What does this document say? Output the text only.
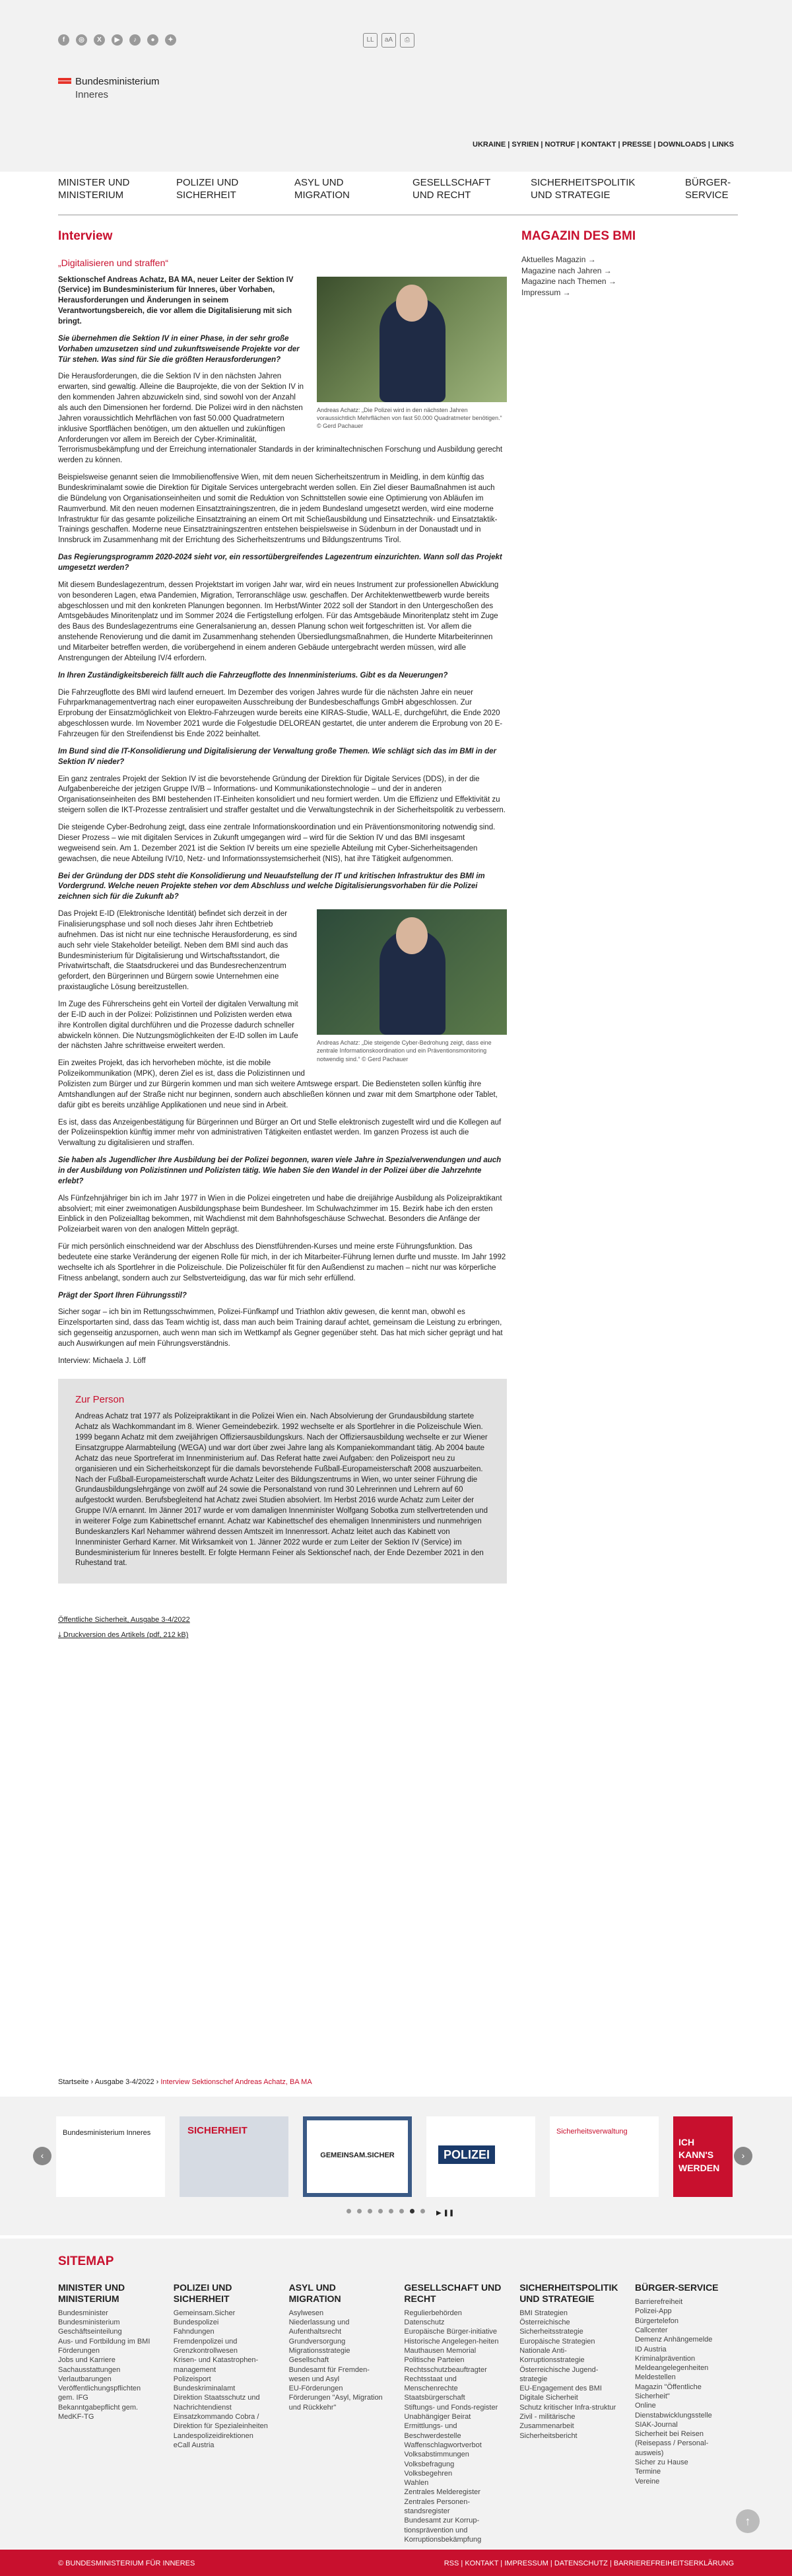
f	◎	X	▶	♪	●	✦	LL	aA	⎙
Bundesministerium
Inneres
UKRAINE | SYRIEN | NOTRUF | KONTAKT | PRESSE | DOWNLOADS | LINKS
MINISTER UND MINISTERIUM
POLIZEI UND SICHERHEIT
ASYL UND MIGRATION
GESELLSCHAFT UND RECHT
SICHERHEITSPOLITIK UND STRATEGIE
BÜRGER-SERVICE
Interview
„Digitalisieren und straffen“
Andreas Achatz: „Die Polizei wird in den nächsten Jahren voraussichtlich Mehrflächen von fast 50.000 Quadratmeter benötigen.“ © Gerd Pachauer
Sektionschef Andreas Achatz, BA MA, neuer Leiter der Sektion IV (Service) im Bundesministerium für Inneres, über Vorhaben, Herausforderungen und Änderungen in seinem Verantwortungsbereich, die vor allem die Digitalisierung mit sich bringt.
Sie übernehmen die Sektion IV in einer Phase, in der sehr große Vorhaben umzusetzen sind und zukunftsweisende Projekte vor der Tür stehen. Was sind für Sie die größten Herausforderungen?
Die Herausforderungen, die die Sektion IV in den nächsten Jahren erwarten, sind gewaltig. Alleine die Bauprojekte, die von der Sektion IV in den kommenden Jahren abzuwickeln sind, sind sowohl von der Anzahl als auch den Dimensionen her fordernd. Die Polizei wird in den nächsten Jahren voraussichtlich Mehrflächen von fast 50.000 Quadratmetern inklusive Sportflächen benötigen, um den aktuellen und zukünftigen Anforderungen vor allem im Bereich der Cyber-Kriminalität, Terrorismusbekämpfung und der Erreichung internationaler Standards in der kriminaltechnischen Forschung und Ausbildung gerecht werden zu können.
Beispielsweise genannt seien die Immobilienoffensive Wien, mit dem neuen Sicherheitszentrum in Meidling, in dem künftig das Bundeskriminalamt sowie die Direktion für Digitale Services untergebracht werden sollen. Ein Ziel dieser Baumaßnahmen ist auch die Bündelung von Organisationseinheiten und somit die Reduktion von Schnittstellen sowie eine Optimierung von Abläufen im Raumverbund. Mit den neuen modernen Einsatztrainingszentren, die in jedem Bundesland umgesetzt werden, wird eine moderne Infrastruktur für das gesamte polizeiliche Einsatztraining an einem Ort mit Schießausbildung und Einsatztechnik- und Einsatztaktik-Trainings geschaffen. Moderne neue Einsatztrainingszentren entstehen beispielsweise in Südenburn in der Donaustadt und in Innsbruck im Zusammenhang mit der Errichtung des Sicherheitszentrums und Bildungszentrums Tirol.
Das Regierungsprogramm 2020-2024 sieht vor, ein ressortübergreifendes Lagezentrum einzurichten. Wann soll das Projekt umgesetzt werden?
Mit diesem Bundeslagezentrum, dessen Projektstart im vorigen Jahr war, wird ein neues Instrument zur professionellen Abwicklung von besonderen Lagen, etwa Pandemien, Migration, Terroranschläge usw. geschaffen. Der Architektenwettbewerb wurde bereits abgeschlossen und mit den konkreten Planungen begonnen. Im Herbst/Winter 2022 soll der Standort in den Untergeschoßen des Amtsgebäudes Minoritenplatz und im Sommer 2024 die Fertigstellung erfolgen. Für das Amtsgebäude Minoritenplatz steht im Zuge des Baus des Bundeslagezentrums eine Generalsanierung an, dessen Planung schon weit fortgeschritten ist. Vor allem die anstehende Renovierung und die damit im Zusammenhang stehenden Übersiedlungsmaßnahmen, die Hunderte Mitarbeiterinnen und Mitarbeiter betreffen werden, die vorübergehend in einem anderen Gebäude untergebracht werden müssen, wird alle Anstrengungen der Abteilung IV/4 erfordern.
In Ihren Zuständigkeitsbereich fällt auch die Fahrzeugflotte des Innenministeriums. Gibt es da Neuerungen?
Die Fahrzeugflotte des BMI wird laufend erneuert. Im Dezember des vorigen Jahres wurde für die nächsten Jahre ein neuer Fuhrparkmanagementvertrag nach einer europaweiten Ausschreibung der Bundesbeschaffungs GmbH abgeschlossen. Zur Erprobung der Einsatzmöglichkeit von Elektro-Fahrzeugen wurde bereits eine KIRAS-Studie, WALL-E, durchgeführt, die Ende 2020 abgeschlossen wurde. Im November 2021 wurde die Folgestudie DELOREAN gestartet, die unter anderem die Erprobung von 20 E-Fahrzeugen für den Streifendienst bis Ende 2022 beinhaltet.
Im Bund sind die IT-Konsolidierung und Digitalisierung der Verwaltung große Themen. Wie schlägt sich das im BMI in der Sektion IV nieder?
Ein ganz zentrales Projekt der Sektion IV ist die bevorstehende Gründung der Direktion für Digitale Services (DDS), in der die Aufgabenbereiche der jetzigen Gruppe IV/B – Informations- und Kommunikationstechnologie – und der in anderen Organisationseinheiten des BMI bestehenden IT-Einheiten konsolidiert und neu formiert werden. Um die Effizienz und Effektivität zu steigern sollen die IKT-Prozesse zentralisiert und straffer gestaltet und die Verwaltungstechnik in der Sicherheitspolitik zu verbessern.
Die steigende Cyber-Bedrohung zeigt, dass eine zentrale Informationskoordination und ein Präventionsmonitoring notwendig sind. Dieser Prozess – wie mit digitalen Services in Zukunft umgegangen wird – wird für die Sektion IV und das BMI insgesamt wegweisend sein. Am 1. Dezember 2021 ist die Sektion IV bereits um eine spezielle Abteilung mit Cyber-Sicherheitsagenden gewachsen, die neue Abteilung IV/10, Netz- und Informationssystemsicherheit (NIS), hat ihre Tätigkeit aufgenommen.
Bei der Gründung der DDS steht die Konsolidierung und Neuaufstellung der IT und kritischen Infrastruktur des BMI im Vordergrund. Welche neuen Projekte stehen vor dem Abschluss und welche Digitalisierungsvorhaben für die Polizei zeichnen sich für die Zukunft ab?
Andreas Achatz: „Die steigende Cyber-Bedrohung zeigt, dass eine zentrale Informationskoordination und ein Präventionsmonitoring notwendig sind.“ © Gerd Pachauer
Das Projekt E-ID (Elektronische Identität) befindet sich derzeit in der Finalisierungsphase und soll noch dieses Jahr ihren Echtbetrieb aufnehmen. Das ist nicht nur eine technische Herausforderung, es sind auch sehr viele Stakeholder beteiligt. Neben dem BMI sind auch das Bundesministerium für Digitalisierung und Wirtschaftsstandort, die Privatwirtschaft, die Staatsdruckerei und das Bundesrechenzentrum gefordert, den Bürgerinnen und Bürgern sowie Unternehmen eine praxistaugliche Lösung bereitzustellen.
Im Zuge des Führerscheins geht ein Vorteil der digitalen Verwaltung mit der E-ID auch in der Polizei: Polizistinnen und Polizisten werden etwa ihre Kontrollen digital durchführen und die Prozesse dadurch schneller abwickeln können. Die Nutzungsmöglichkeiten der E-ID sollen im Laufe der nächsten Jahre schrittweise erweitert werden.
Ein zweites Projekt, das ich hervorheben möchte, ist die mobile Polizeikommunikation (MPK), deren Ziel es ist, dass die Polizistinnen und Polizisten zum Bürger und zur Bürgerin kommen und man sich weitere Amtswege erspart. Die Bediensteten sollen künftig ihre Amtshandlungen auf der Straße nicht nur beginnen, sondern auch abschließen können und zwar mit dem Smartphone oder Tablet, dafür gibt es bereits unzählige Applikationen und neue sind in Arbeit.
Es ist, dass das Anzeigenbestätigung für Bürgerinnen und Bürger an Ort und Stelle elektronisch zugestellt wird und die Kollegen auf der Polizeiinspektion künftig immer mehr von administrativen Tätigkeiten entlastet werden. Im ganzen Prozess ist auch die Verwaltung zu digitalisieren und straffen.
Sie haben als Jugendlicher Ihre Ausbildung bei der Polizei begonnen, waren viele Jahre in Spezialverwendungen und auch in der Ausbildung von Polizistinnen und Polizisten tätig. Wie haben Sie den Wandel in der Polizei über die Jahrzehnte erlebt?
Als Fünfzehnjähriger bin ich im Jahr 1977 in Wien in die Polizei eingetreten und habe die dreijährige Ausbildung als Polizeipraktikant absolviert; mit einer zweimonatigen Ausbildungsphase beim Bundesheer. Im Schulwachzimmer im 15. Bezirk habe ich den ersten Einblick in den Polizeialltag bekommen, mit Wachdienst mit dem Bahnhofsgeschäuse Schwechat. Besonders die Anfänge der Polizeiarbeit waren von den analogen Mitteln geprägt.
Für mich persönlich einschneidend war der Abschluss des Dienstführenden-Kurses und meine erste Führungsfunktion. Das bedeutete eine starke Veränderung der eigenen Rolle für mich, in der ich Mitarbeiter-Führung lernen durfte und musste. Im Jahr 1992 wechselte ich als Sportlehrer in die Polizeischule. Die Polizeischüler fit für den Außendienst zu machen – nicht nur was körperliche Fitness anbelangt, sondern auch zur Selbstverteidigung, das war für mich sehr erfüllend.
Prägt der Sport Ihren Führungsstil?
Sicher sogar – ich bin im Rettungsschwimmen, Polizei-Fünfkampf und Triathlon aktiv gewesen, die kennt man, obwohl es Einzelsportarten sind, dass das Team wichtig ist, dass man auch beim Training darauf achtet, gemeinsam die Leistung zu erbringen, sich gegenseitig anzuspornen, auch wenn man sich im Wettkampf als Gegner gegenüber steht. Das hat mich sicher geprägt und hat auch Auswirkungen auf mein Führungsverständnis.
Interview: Michaela J. Löff
Zur Person
Andreas Achatz trat 1977 als Polizeipraktikant in die Polizei Wien ein. Nach Absolvierung der Grundausbildung startete Achatz als Wachkommandant im 8. Wiener Gemeindebezirk. 1992 wechselte er als Sportlehrer in die Polizeischule Wien. 1999 begann Achatz mit dem zweijährigen Offiziersausbildungskurs. Nach der Offiziersausbildung wechselte er zur Wiener Einsatzgruppe Alarmabteilung (WEGA) und war dort über zwei Jahre lang als Kompaniekommandant tätig. Ab 2004 baute Achatz das neue Sportreferat im Innenministerium auf. Das Referat hatte zwei Aufgaben: den Polizeisport neu zu organisieren und ein Sicherheitskonzept für die damals bevorstehende Fußball-Europameisterschaft 2008 auszuarbeiten. Nach der Fußball-Europameisterschaft wurde Achatz Leiter des Bildungszentrums in Wien, wo unter seiner Führung die Grundausbildungslehrgänge von zwölf auf 24 sowie die Personalstand von rund 30 Lehrerinnen und Lehrern auf 60 aufgestockt wurden. Berufsbegleitend hat Achatz zwei Studien absolviert. Im Herbst 2016 wurde Achatz zum Leiter der Gruppe IV/A ernannt. Im Jänner 2017 wurde er vom damaligen Innenminister Wolfgang Sobotka zum stellvertretenden und in weiterer Folge zum Kabinettschef ernannt. Achatz war Kabinettschef des ehemaligen Innenministers und nunmehrigen Bundeskanzlers Karl Nehammer während dessen Amtszeit im Innenressort. Achatz leitet auch das Kabinett von Innenminister Gerhard Karner. Mit Wirksamkeit von 1. Jänner 2022 wurde er zum Leiter der Sektion IV (Service) im Bundesministerium für Inneres bestellt. Er folgte Hermann Feiner als Sektionschef nach, der Ende Dezember 2021 in den Ruhestand trat.
Öffentliche Sicherheit, Ausgabe 3-4/2022
⤓ Druckversion des Artikels (pdf, 212 kB)
MAGAZIN DES BMI
Aktuelles Magazin →
Magazine nach Jahren →
Magazine nach Themen →
Impressum →
Startseite › Ausgabe 3-4/2022 › Interview Sektionschef Andreas Achatz, BA MA
‹	›
Bundesministerium Inneres	SICHERHEIT
GEMEINSAM.SICHER	POLIZEI
Sicherheitsverwaltung
ICH KANN'S WERDEN
▶ ❚❚
SITEMAP
MINISTER UND MINISTERIUM
Bundesminister
Bundesministerium
Geschäftseinteilung
Aus- und Fortbildung im BMI
Förderungen
Jobs und Karriere
Sachausstattungen
Verlautbarungen
Veröffentlichungspflichten gem. IFG
Bekanntgabepflicht gem. MedKF-TG
POLIZEI UND SICHERHEIT
Gemeinsam.Sicher
Bundespolizei
Fahndungen
Fremdenpolizei und Grenzkontrollwesen
Krisen- und Katastrophen-management
Polizeisport
Bundeskriminalamt
Direktion Staatsschutz und Nachrichtendienst
Einsatzkommando Cobra / Direktion für Spezialeinheiten
Landespolizeidirektionen
eCall Austria
ASYL UND MIGRATION
Asylwesen
Niederlassung und Aufenthaltsrecht
Grundversorgung
Migrationsstrategie
Gesellschaft
Bundesamt für Fremden-wesen und Asyl
EU-Förderungen
Förderungen "Asyl, Migration und Rückkehr"
GESELLSCHAFT UND RECHT
Regulierbehörden
Datenschutz
Europäische Bürger-initiative
Historische Angelegen-heiten
Mauthausen Memorial
Politische Parteien
Rechtsschutzbeauftragter
Rechtsstaat und Menschenrechte
Staatsbürgerschaft
Stiftungs- und Fonds-register
Unabhängiger Beirat
Ermittlungs- und Beschwerdestelle
Waffenschlagwortverbot
Volksabstimmungen
Volksbefragung
Volksbegehren
Wahlen
Zentrales Melderegister
Zentrales Personen-standsregister
Bundesamt zur Korrup-tionsprävention und Korruptionsbekämpfung
SICHERHEITSPOLITIK UND STRATEGIE
BMI Strategien
Österreichische Sicherheitsstrategie
Europäische Strategien
Nationale Anti-Korruptionsstrategie
Österreichische Jugend-strategie
EU-Engagement des BMI
Digitale Sicherheit
Schutz kritischer Infra-struktur
Zivil - militärische Zusammenarbeit
Sicherheitsbericht
BÜRGER-SERVICE
Barrierefreiheit
Polizei-App
Bürgertelefon
Callcenter
Demenz Anhängemelde
ID Austria
Kriminalprävention
Meldeangelegenheiten
Meldestellen
Magazin "Öffentliche Sicherheit"
Online Dienstabwicklungsstelle
SIAK-Journal
Sicherheit bei Reisen (Reisepass / Personal-ausweis)
Sicher zu Hause
Termine
Vereine
↑
© BUNDESMINISTERIUM FÜR INNERES	RSS | KONTAKT | IMPRESSUM | DATENSCHUTZ | BARRIEREFREIHEITSERKLÄRUNG
